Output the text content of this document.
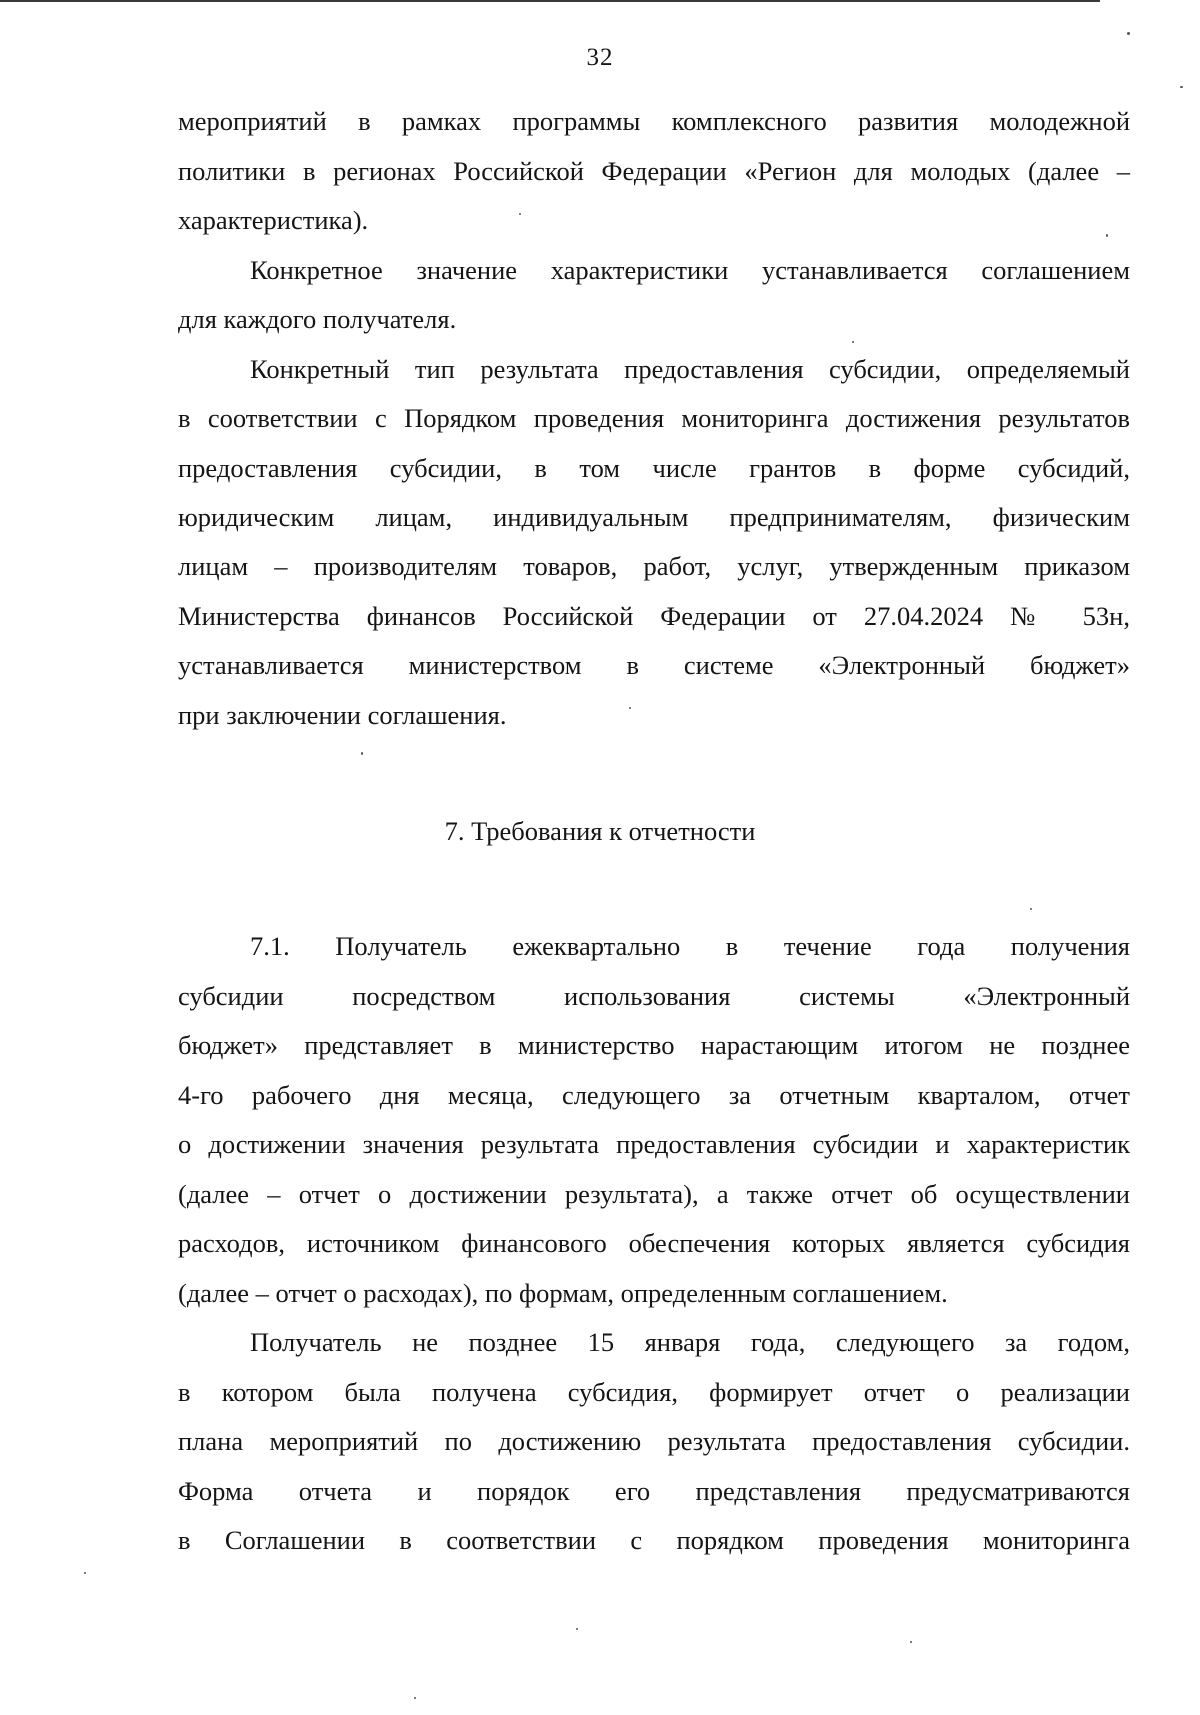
32
мероприятий в рамках программы комплексного развития молодежной
политики в регионах Российской Федерации «Регион для молодых (далее –
характеристика).
Конкретное значение характеристики устанавливается соглашением
для каждого получателя.
Конкретный тип результата предоставления субсидии, определяемый
в соответствии с Порядком проведения мониторинга достижения результатов
предоставления субсидии, в том числе грантов в форме субсидий,
юридическим лицам, индивидуальным предпринимателям, физическим
лицам – производителям товаров, работ, услуг, утвержденным приказом
Министерства финансов Российской Федерации от 27.04.2024 № 53н,
устанавливается министерством в системе «Электронный бюджет»
при заключении соглашения.
7. Требования к отчетности
7.1. Получатель ежеквартально в течение года получения
субсидии посредством использования системы «Электронный
бюджет» представляет в министерство нарастающим итогом не позднее
4-го рабочего дня месяца, следующего за отчетным кварталом, отчет
о достижении значения результата предоставления субсидии и характеристик
(далее – отчет о достижении результата), а также отчет об осуществлении
расходов, источником финансового обеспечения которых является субсидия
(далее – отчет о расходах), по формам, определенным соглашением.
Получатель не позднее 15 января года, следующего за годом,
в котором была получена субсидия, формирует отчет о реализации
плана мероприятий по достижению результата предоставления субсидии.
Форма отчета и порядок его представления предусматриваются
в Соглашении в соответствии с порядком проведения мониторинга
